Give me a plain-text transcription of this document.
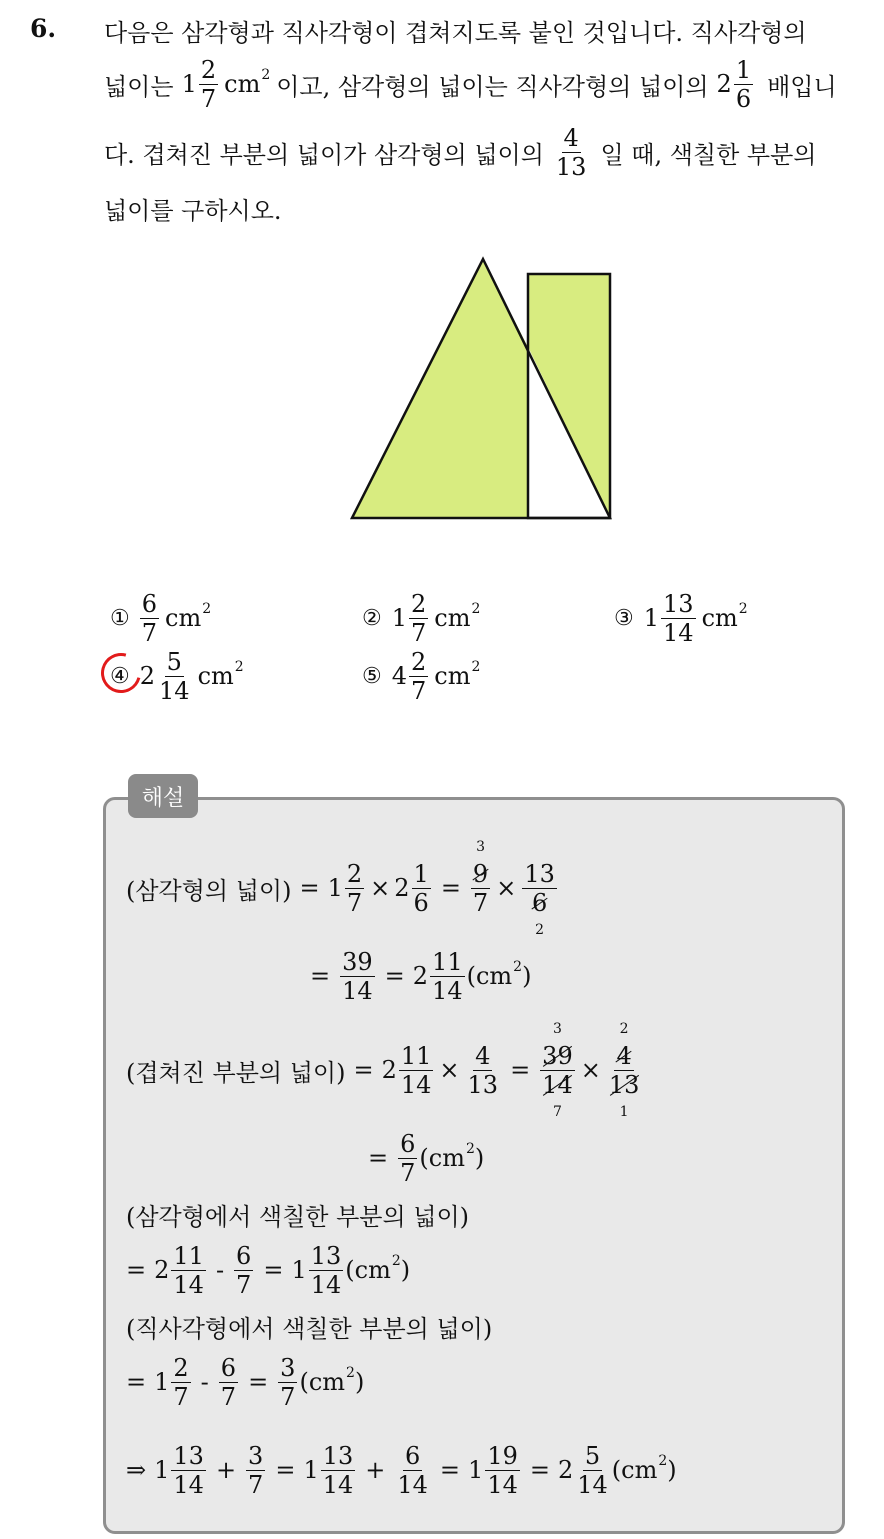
6. 다음은 삼각형과 직사각형이 겹쳐지도록 붙인 것입니다. 직사각형의
넓이는 $1 \frac{2}{7}$ cm 2 이고, 삼각형의 넓이는 직사각형의 넓이의 $2 \frac{1}{6}$ 배입니
다. 겹쳐진 부분의 넓이가 삼각형의 넓이의 $\frac{4}{13}$ 일 때, 색칠한 부분의
넓이를 구하시오.
① $\frac{6}{7}$ cm 2	② $1 \frac{2}{7}$ cm 2	③ $1 \frac{13}{14}$ cm 2
④ $2 \frac{5}{14}$ cm 2	⑤ $4 \frac{2}{7}$ cm 2
해설
(삼각형의 넓이) = $1 \frac{2}{7} \times 2 \frac{1}{6} = 9$
3
7 × 13
6
2
= $\frac{39}{14} = 2 \frac{11}{14} (cm$ 2 )
(겹쳐진 부분의 넓이) = $2 \frac{11}{14} \times \frac{4}{13} = 39$
3
14
7 × 4
2
13
1
= $\frac{6}{7} (cm$ 2 )
(삼각형에서 색칠한 부분의 넓이)
= $2 \frac{11}{14} - \frac{6}{7} = 1 \frac{13}{14} (cm$ 2 )
(직사각형에서 색칠한 부분의 넓이)
= $1 \frac{2}{7} - \frac{6}{7} = \frac{3}{7} (cm$ 2 )
⇒ $1 \frac{13}{14} + \frac{3}{7} = 1 \frac{13}{14} + \frac{6}{14} = 1 \frac{19}{14} = 2 \frac{5}{14} (cm$ 2 )
